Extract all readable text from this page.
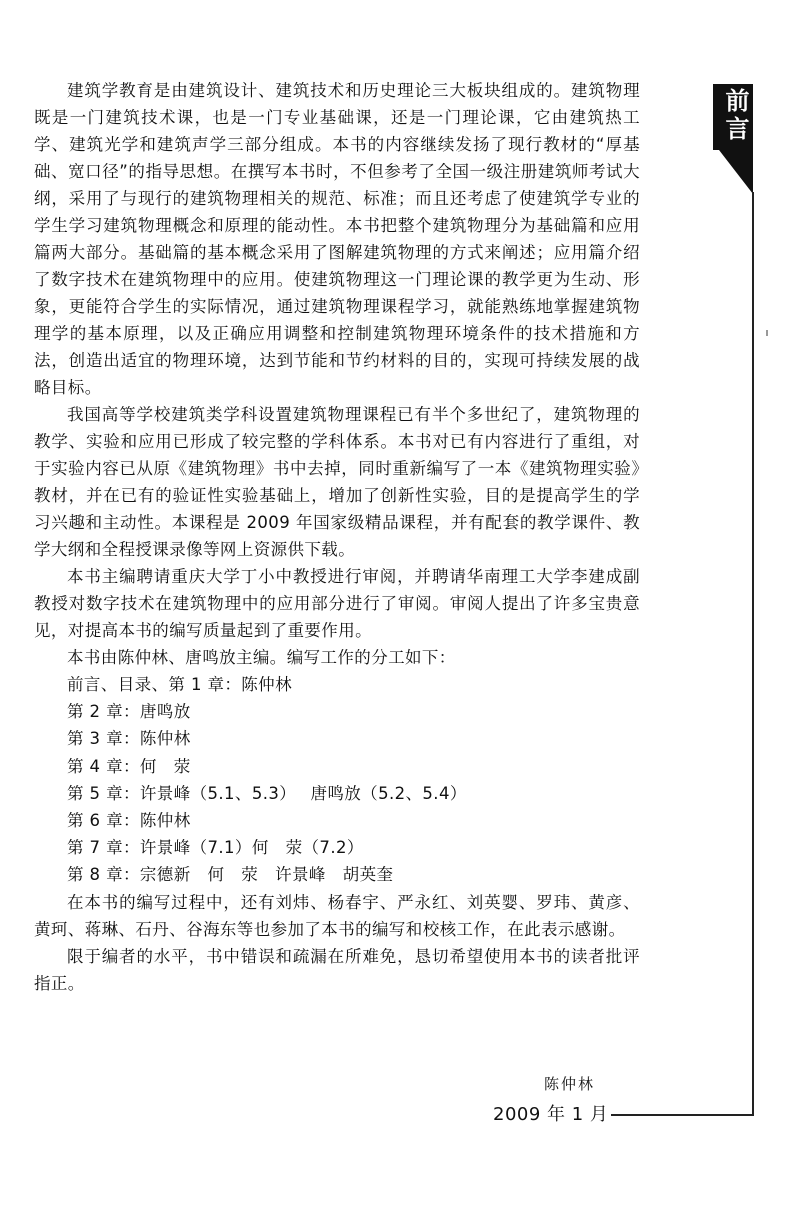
前言

建筑学教育是由建筑设计、建筑技术和历史理论三大板块组成的。建筑物理既是一门建筑技术课，也是一门专业基础课，还是一门理论课，它由建筑热工学、建筑光学和建筑声学三部分组成。本书的内容继续发扬了现行教材的“厚基础、宽口径”的指导思想。在撰写本书时，不但参考了全国一级注册建筑师考试大纲，采用了与现行的建筑物理相关的规范、标准；而且还考虑了使建筑学专业的学生学习建筑物理概念和原理的能动性。本书把整个建筑物理分为基础篇和应用篇两大部分。基础篇的基本概念采用了图解建筑物理的方式来阐述；应用篇介绍了数字技术在建筑物理中的应用。使建筑物理这一门理论课的教学更为生动、形象，更能符合学生的实际情况，通过建筑物理课程学习，就能熟练地掌握建筑物理学的基本原理，以及正确应用调整和控制建筑物理环境条件的技术措施和方法，创造出适宜的物理环境，达到节能和节约材料的目的，实现可持续发展的战略目标。

我国高等学校建筑类学科设置建筑物理课程已有半个多世纪了，建筑物理的教学、实验和应用已形成了较完整的学科体系。本书对已有内容进行了重组，对于实验内容已从原《建筑物理》书中去掉，同时重新编写了一本《建筑物理实验》教材，并在已有的验证性实验基础上，增加了创新性实验，目的是提高学生的学习兴趣和主动性。本课程是 2009 年国家级精品课程，并有配套的教学课件、教学大纲和全程授课录像等网上资源供下载。

本书主编聘请重庆大学丁小中教授进行审阅，并聘请华南理工大学李建成副教授对数字技术在建筑物理中的应用部分进行了审阅。审阅人提出了许多宝贵意见，对提高本书的编写质量起到了重要作用。

本书由陈仲林、唐鸣放主编。编写工作的分工如下：

前言、目录、第 1 章：陈仲林
第 2 章：唐鸣放
第 3 章：陈仲林
第 4 章：何　荥
第 5 章：许景峰（5.1、5.3）　 唐鸣放（5.2、5.4）
第 6 章：陈仲林
第 7 章：许景峰（7.1）何　荥（7.2）
第 8 章：宗德新　何　荥　许景峰　胡英奎

在本书的编写过程中，还有刘炜、杨春宇、严永红、刘英婴、罗玮、黄彦、黄珂、蒋琳、石丹、谷海东等也参加了本书的编写和校核工作，在此表示感谢。

限于编者的水平，书中错误和疏漏在所难免，恳切希望使用本书的读者批评指正。

陈仲林
2009 年 1 月
